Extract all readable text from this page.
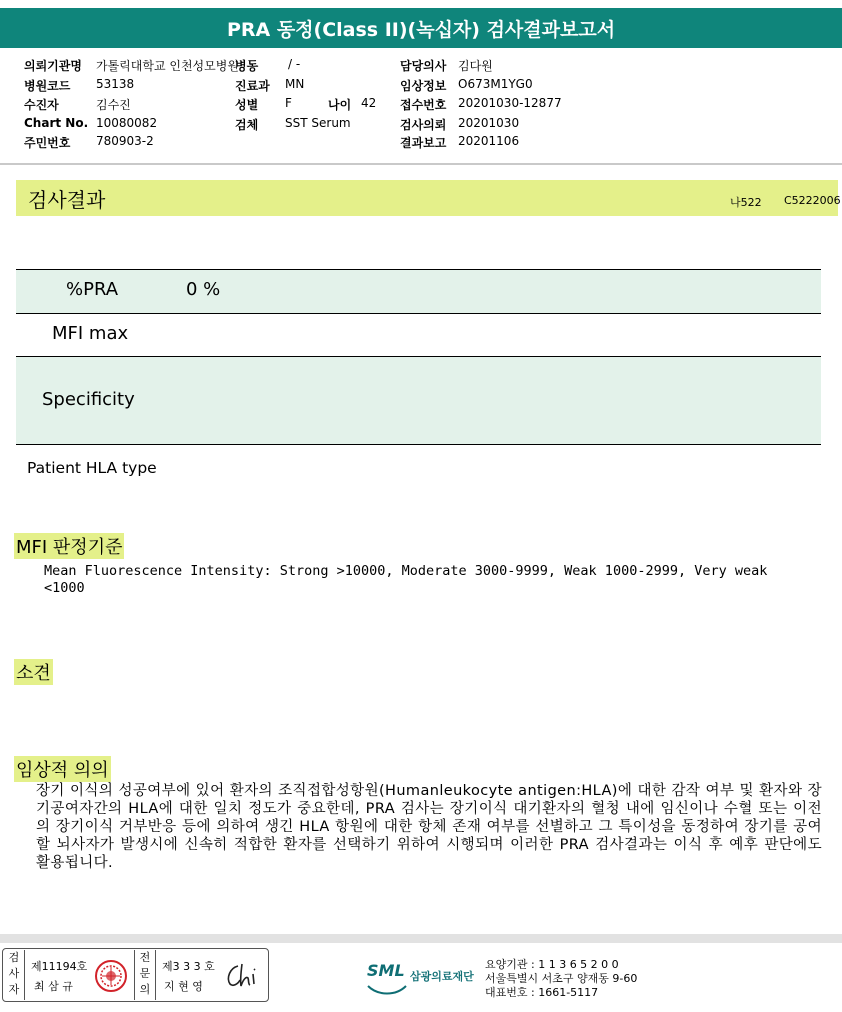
PRA 동정(Class II)(녹십자) 검사결과보고서
의뢰기관명 가톨릭대학교 인천성모병원
병동 / -	담당의사 김다원
병원코드 53138	진료과 MN	임상정보 O673M1YG0
수진자	김수진	성별 F	나이 42 접수번호 20201030-12877
Chart No. 10080082	검체 SST Serum	검사의뢰 20201030
주민번호 780903-2	결과보고 20201106
검사결과	나522 C5222006
%PRA	0 %
MFI max
Specificity
Patient HLA type
MFI 판정기준
Mean Fluorescence Intensity: Strong >10000, Moderate 3000-9999, Weak 1000-2999, Very weak
<1000
소견
임상적 의의
장기 이식의 성공여부에 있어 환자의 조직접합성항원(Humanleukocyte antigen:HLA)에 대한 감작 여부 및 환자와 장기공여자간의 HLA에 대한 일치 정도가 중요한데, PRA 검사는 장기이식 대기환자의 혈청 내에 임신이나 수혈 또는 이전의 장기이식 거부반응 등에 의하여 생긴 HLA 항원에 대한 항체 존재 여부를 선별하고 그 특이성을 동정하여 장기를 공여할 뇌사자가 발생시에 신속히 적합한 환자를 선택하기 위하여 시행되며 이러한 PRA 검사결과는 이식 후 예후 판단에도 활용됩니다.
검
사
자
제11194호
최 삼 규
전
문
의
제3 3 3 호
지 현 영
SML 삼광의료재단
요양기관 : 1 1 3 6 5 2 0 0
서울특별시 서초구 양재동 9-60
대표번호 : 1661-5117
